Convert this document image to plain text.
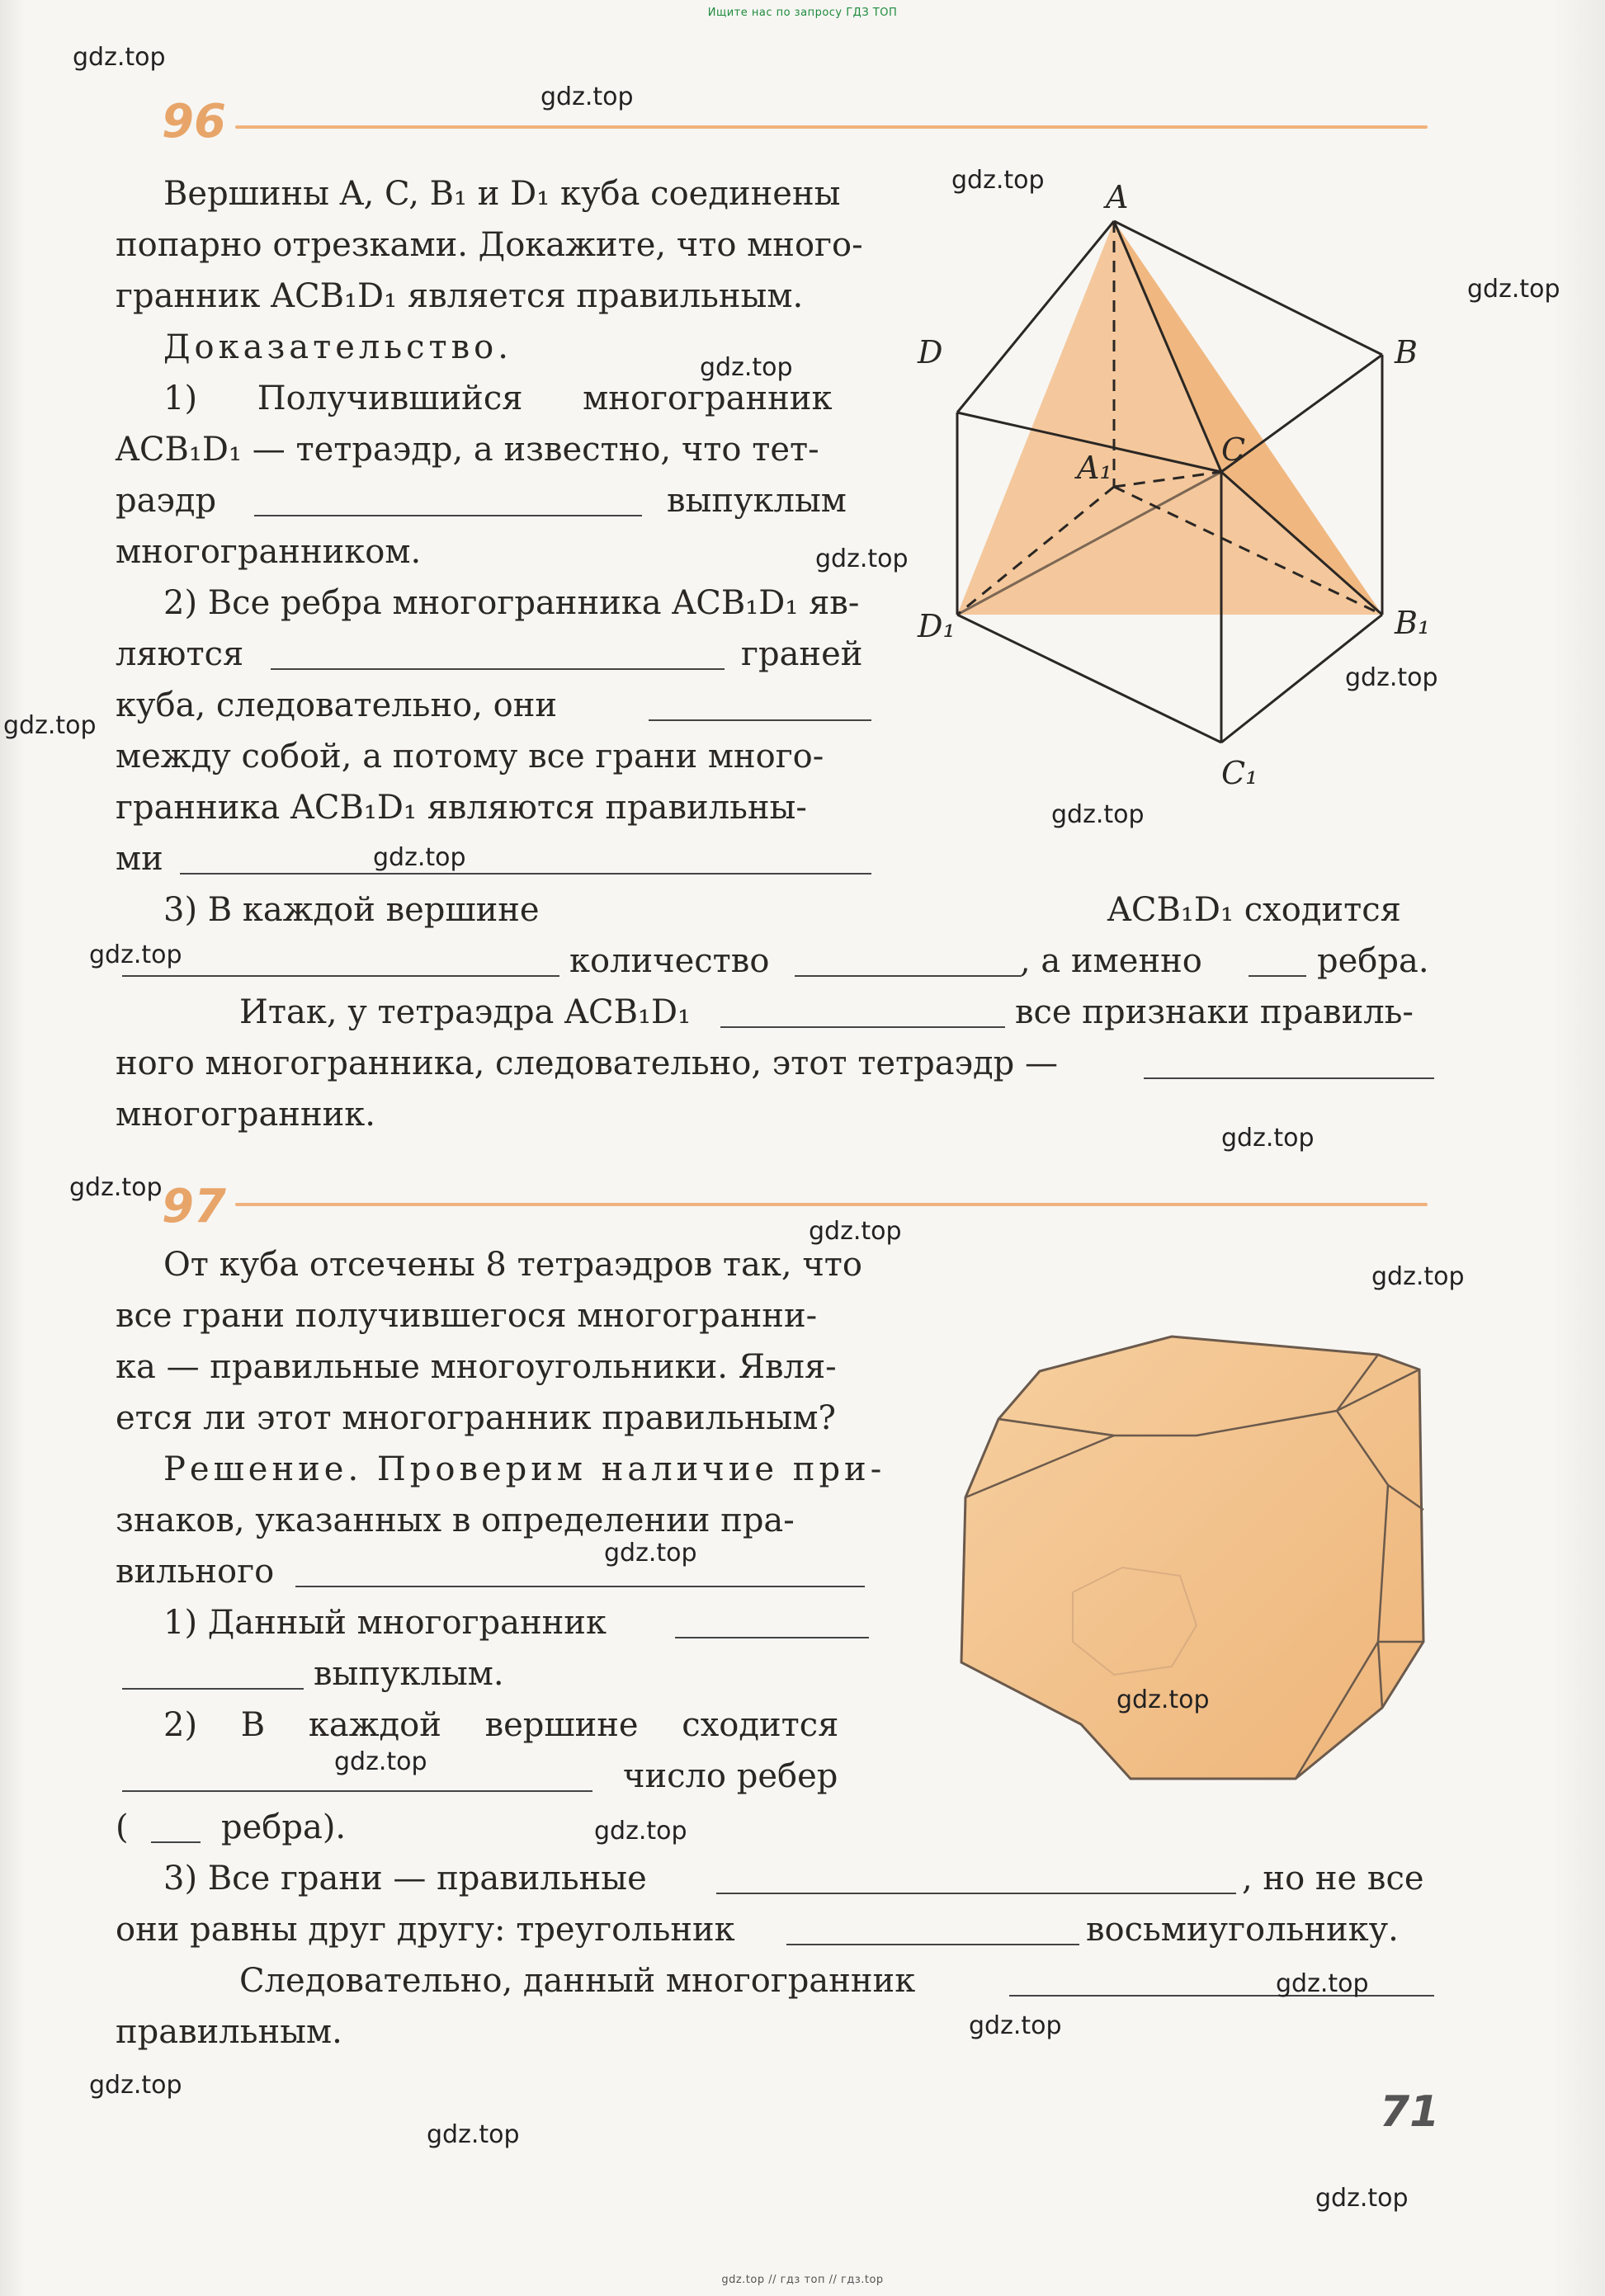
Ищите нас по запросу ГДЗ ТОП
96
Вершины A, C, B₁ и D₁ куба соединены
попарно отрезками. Докажите, что много-
гранник ACB₁D₁ является правильным.
Доказательство.
1) Получившийся многогранник
ACB₁D₁ — тетраэдр, а известно, что тет-
раэдр	выпуклым
многогранником.
2) Все ребра многогранника ACB₁D₁ яв-
ляются	граней
куба, следовательно, они
между собой, а потому все грани много-
гранника ACB₁D₁ являются правильны-
ми
3) В каждой вершине	ACB₁D₁ сходится
количество	, а именно	ребра.
Итак, у тетраэдра ACB₁D₁	все признаки правиль-
ного многогранника, следовательно, этот тетраэдр —
многогранник.
A
B
C
D
A₁
B₁
C₁
D₁
97
От куба отсечены 8 тетраэдров так, что
все грани получившегося многогранни-
ка — правильные многоугольники. Явля-
ется ли этот многогранник правильным?
Решение. Проверим наличие при-
знаков, указанных в определении пра-
вильного
1) Данный многогранник
выпуклым.
2) В каждой вершине сходится
число ребер
(	ребра).
3) Все грани — правильные	, но не все
они равны друг другу: треугольник	восьмиугольнику.
Следовательно, данный многогранник
правильным.
71
gdz.top
gdz.top
gdz.top
gdz.top
gdz.top
gdz.top
gdz.top
gdz.top
gdz.top
gdz.top
gdz.top
gdz.top
gdz.top
gdz.top
gdz.top
gdz.top
gdz.top
gdz.top
gdz.top
gdz.top
gdz.top
gdz.top
gdz.top
gdz.top
gdz.top // гдз топ // гдз.top
